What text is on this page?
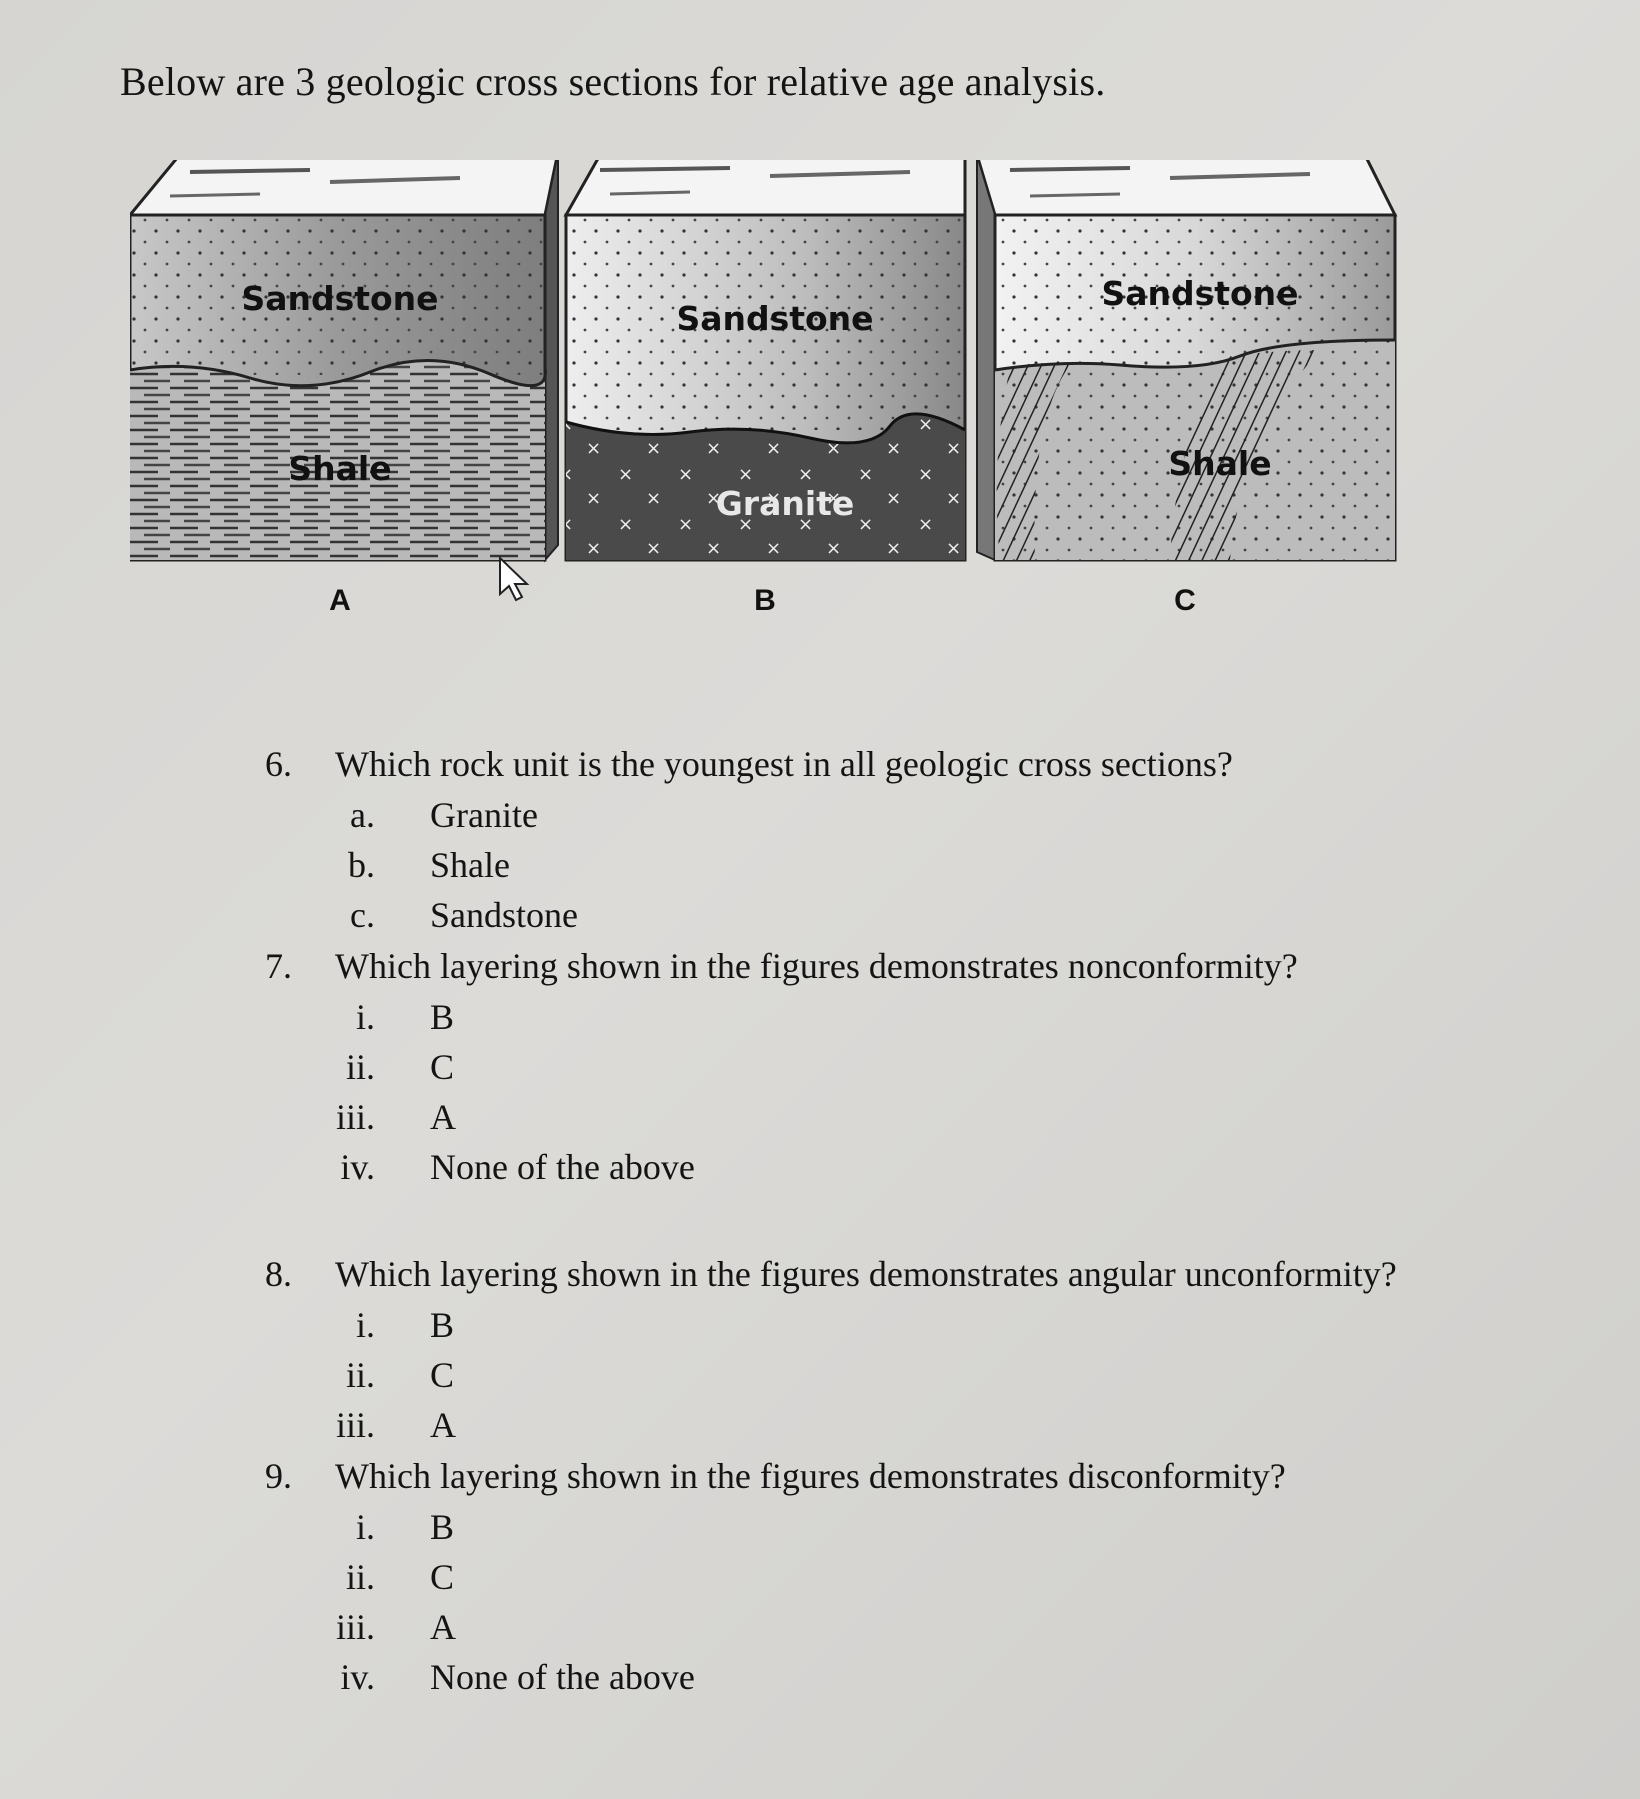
Below are 3 geologic cross sections for relative age analysis.
Sandstone
Shale
A
Sandstone
Granite
B
Sandstone
Shale
C
6.	Which rock unit is the youngest in all geologic cross sections?
a.	Granite
b.	Shale
c.	Sandstone
7.	Which layering shown in the figures demonstrates nonconformity?
i.	B
ii.	C
iii.	A
iv.	None of the above
8.	Which layering shown in the figures demonstrates angular unconformity?
i.	B
ii.	C
iii.	A
9.	Which layering shown in the figures demonstrates disconformity?
i.	B
ii.	C
iii.	A
iv.	None of the above
